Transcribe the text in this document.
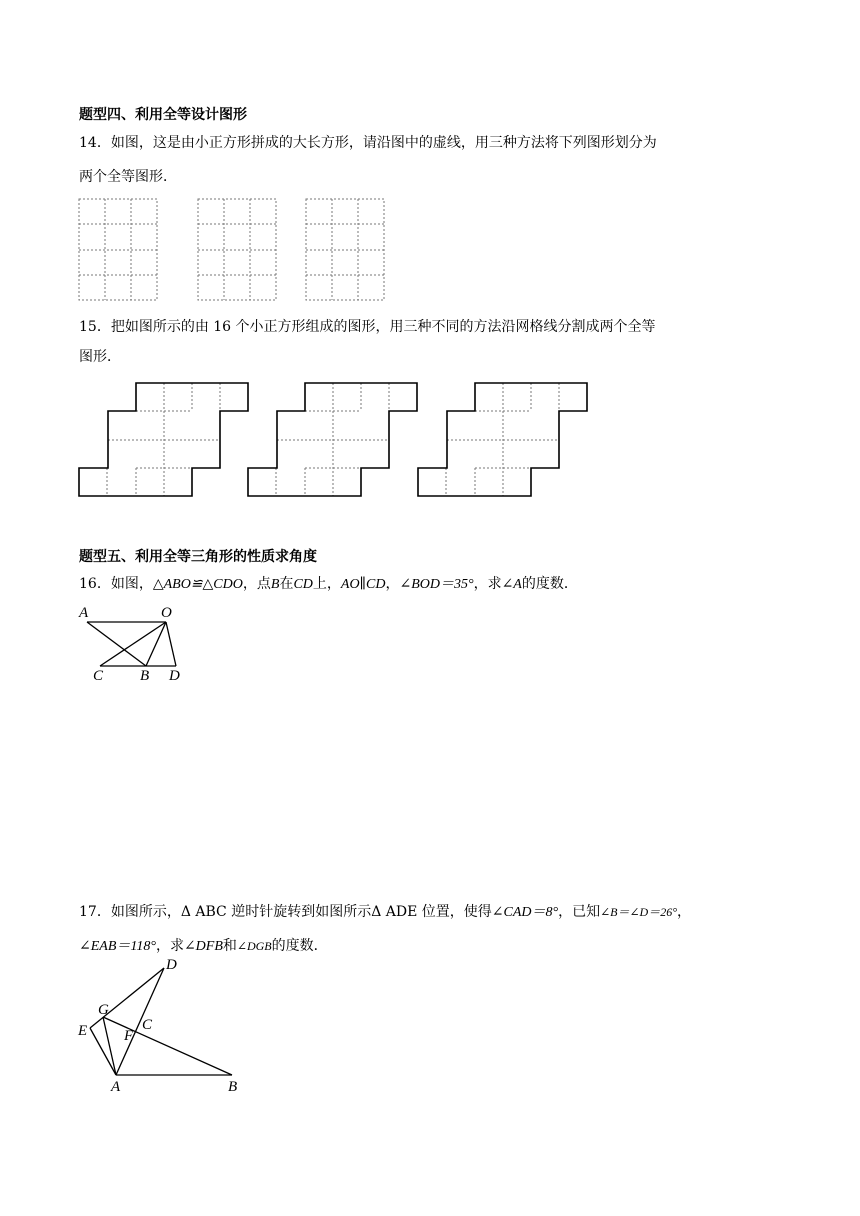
题型四、利用全等设计图形
14．如图，这是由小正方形拼成的大长方形，请沿图中的虚线，用三种方法将下列图形划分为
两个全等图形．
15．把如图所示的由 16 个小正方形组成的图形，用三种不同的方法沿网格线分割成两个全等
图形．
题型五、利用全等三角形的性质求角度
16．如图，△ABO≌△CDO，点B在CD上，AO∥CD，∠BOD＝35°，求∠A的度数．
A	O
C B D
17．如图所示，Δ ABC 逆时针旋转到如图所示Δ ADE 位置，使得∠CAD＝8°，已知∠B＝∠D＝26°，
∠EAB＝118°，求∠DFB和∠DGB的度数．
D
G
C
E F
A	B
